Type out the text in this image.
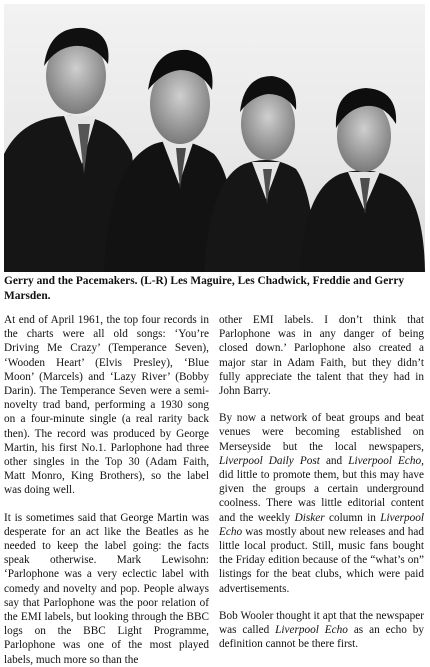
Gerry and the Pacemakers. (L-R) Les Maguire, Les Chadwick, Freddie and Gerry Marsden.

At end of April 1961, the top four records in the charts were all old songs: ‘You’re Driving Me Crazy’ (Temperance Seven), ‘Wooden Heart’ (Elvis Presley), ‘Blue Moon’ (Marcels) and ‘Lazy River’ (Bobby Darin). The Temperance Seven were a semi-novelty trad band, performing a 1930 song on a four-minute single (a real rarity back then). The record was produced by George Martin, his first No.1. Parlophone had three other singles in the Top 30 (Adam Faith, Matt Monro, King Brothers), so the label was doing well.

It is sometimes said that George Martin was desperate for an act like the Beatles as he needed to keep the label going: the facts speak otherwise. Mark Lewisohn: ‘Parlophone was a very eclectic label with comedy and novelty and pop. People always say that Parlophone was the poor relation of the EMI labels, but looking through the BBC logs on the BBC Light Programme, Parlophone was one of the most played labels, much more so than the

other EMI labels. I don’t think that Parlophone was in any danger of being closed down.’ Parlophone also created a major star in Adam Faith, but they didn’t fully appreciate the talent that they had in John Barry.

By now a network of beat groups and beat venues were becoming established on Merseyside but the local newspapers, Liverpool Daily Post and Liverpool Echo, did little to promote them, but this may have given the groups a certain underground coolness. There was little editorial content and the weekly Disker column in Liverpool Echo was mostly about new releases and had little local product. Still, music fans bought the Friday edition because of the “what’s on” listings for the beat clubs, which were paid advertisements.

Bob Wooler thought it apt that the newspaper was called Liverpool Echo as an echo by definition cannot be there first.
